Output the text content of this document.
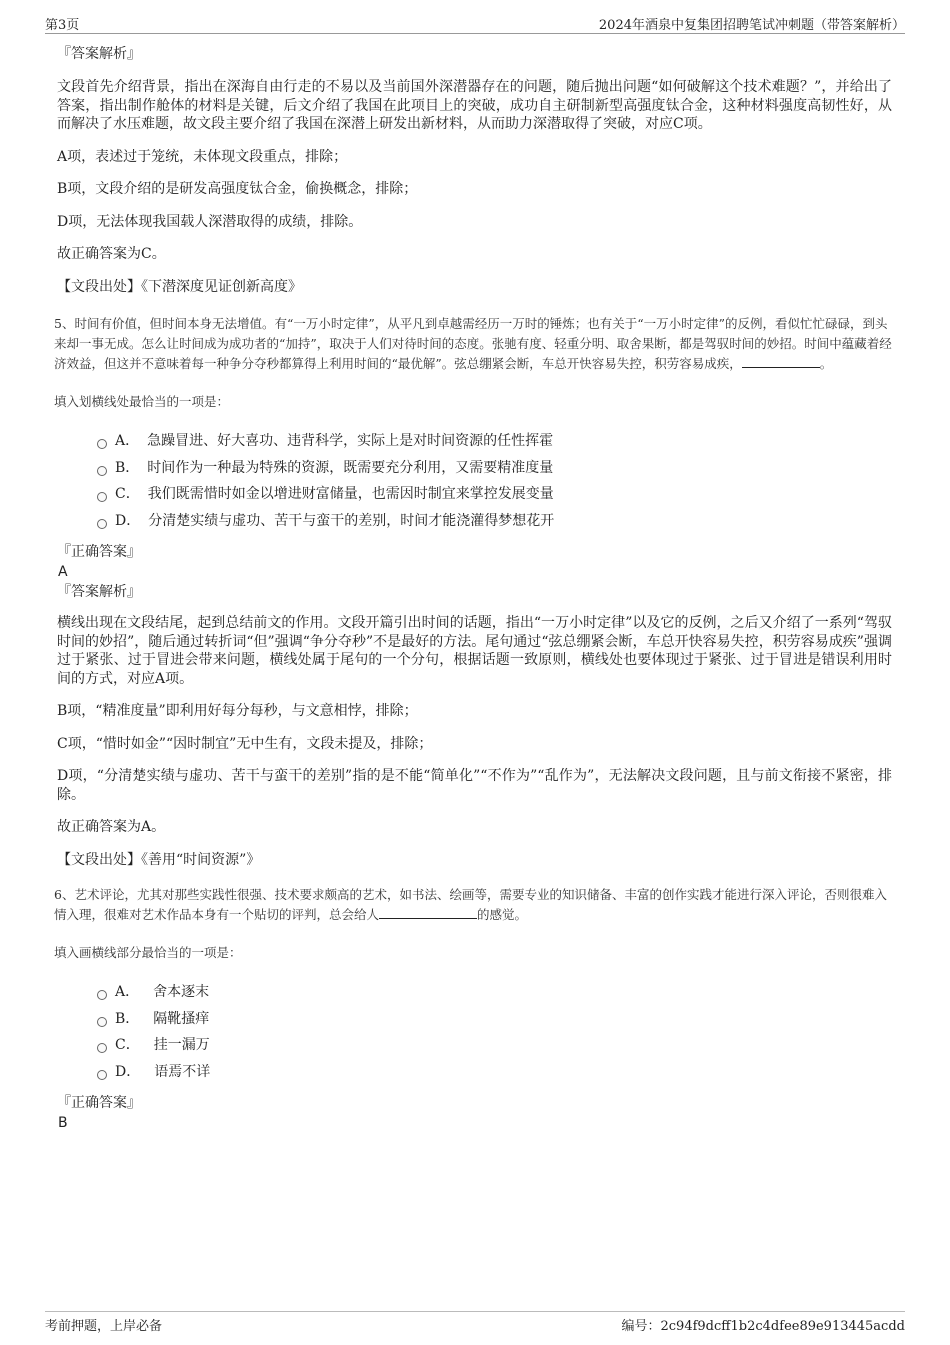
第3页	2024年酒泉中复集团招聘笔试冲刺题（带答案解析）
『答案解析』
文段首先介绍背景，指出在深海自由行走的不易以及当前国外深潜器存在的问题，随后抛出问题“如何破解这个技术难题？”，并给出了答案，指出制作舱体的材料是关键，后文介绍了我国在此项目上的突破，成功自主研制新型高强度钛合金，这种材料强度高韧性好，从而解决了水压难题，故文段主要介绍了我国在深潜上研发出新材料，从而助力深潜取得了突破，对应C项。
A项，表述过于笼统，未体现文段重点，排除；
B项，文段介绍的是研发高强度钛合金，偷换概念，排除；
D项，无法体现我国载人深潜取得的成绩，排除。
故正确答案为C。
【文段出处】《下潜深度见证创新高度》
5、时间有价值，但时间本身无法增值。有“一万小时定律”，从平凡到卓越需经历一万时的锤炼；也有关于“一万小时定律”的反例，看似忙忙碌碌，到头来却一事无成。怎么让时间成为成功者的“加持”，取决于人们对待时间的态度。张驰有度、轻重分明、取舍果断，都是驾驭时间的妙招。时间中蕴藏着经济效益，但这并不意味着每一种争分夺秒都算得上利用时间的“最优解”。弦总绷紧会断，车总开快容易失控，积劳容易成疾，	。
填入划横线处最恰当的一项是：
A． 急躁冒进、好大喜功、违背科学，实际上是对时间资源的任性挥霍
B． 时间作为一种最为特殊的资源，既需要充分利用，又需要精准度量
C． 我们既需惜时如金以增进财富储量，也需因时制宜来掌控发展变量
D． 分清楚实绩与虚功、苦干与蛮干的差别，时间才能浇灌得梦想花开
『正确答案』
A
『答案解析』
横线出现在文段结尾，起到总结前文的作用。文段开篇引出时间的话题，指出“一万小时定律”以及它的反例，之后又介绍了一系列“驾驭时间的妙招”，随后通过转折词“但”强调“争分夺秒”不是最好的方法。尾句通过“弦总绷紧会断，车总开快容易失控，积劳容易成疾”强调过于紧张、过于冒进会带来问题，横线处属于尾句的一个分句，根据话题一致原则，横线处也要体现过于紧张、过于冒进是错误利用时间的方式，对应A项。
B项，“精准度量”即利用好每分每秒，与文意相悖，排除；
C项，“惜时如金”“因时制宜”无中生有，文段未提及，排除；
D项，“分清楚实绩与虚功、苦干与蛮干的差别”指的是不能“简单化”“不作为”“乱作为”，无法解决文段问题，且与前文衔接不紧密，排除。
故正确答案为A。
【文段出处】《善用“时间资源”》
6、艺术评论，尤其对那些实践性很强、技术要求颇高的艺术，如书法、绘画等，需要专业的知识储备、丰富的创作实践才能进行深入评论，否则很难入情入理，很难对艺术作品本身有一个贴切的评判，总会给人	的感觉。
填入画横线部分最恰当的一项是：
A． 舍本逐末
B． 隔靴搔痒
C． 挂一漏万
D． 语焉不详
『正确答案』
B
考前押题，上岸必备	编号：2c94f9dcff1b2c4dfee89e913445acdd
